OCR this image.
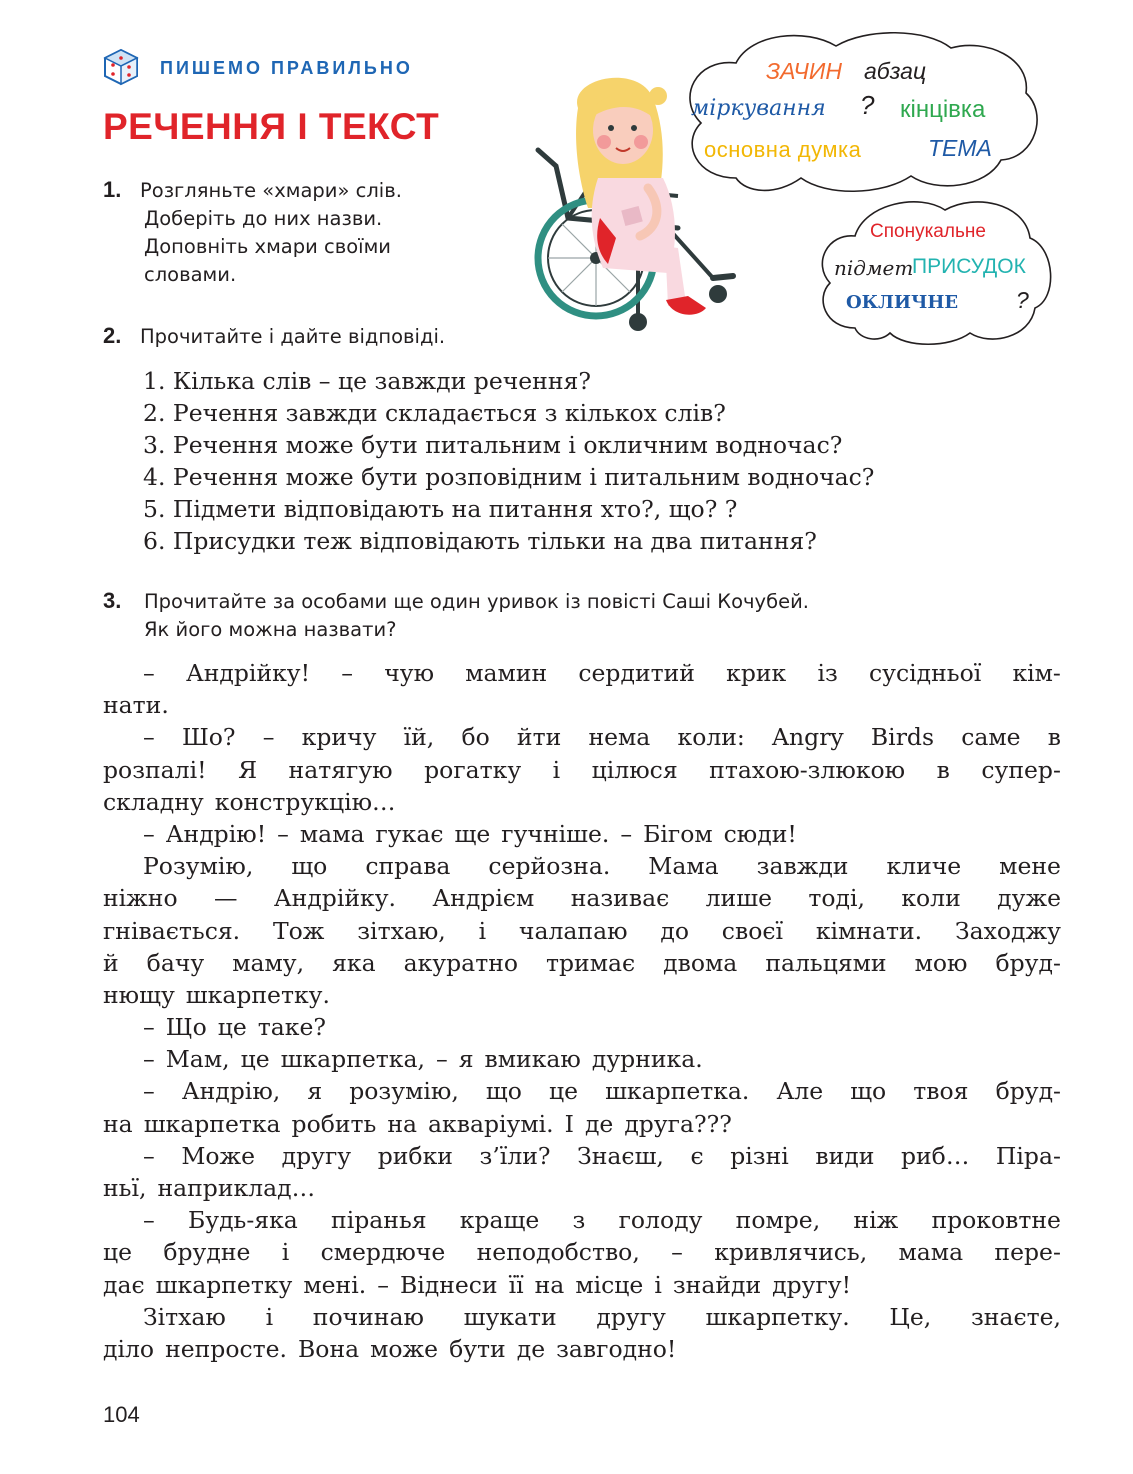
ПИШЕМО ПРАВИЛЬНО
РЕЧЕННЯ І ТЕКСТ
ЗАЧИН абзац
міркування ? кінцівка
основна думка	ТЕМА
Спонукальне
підмет
ПРИСУДОК
ОКЛИЧНЕ	?
1. Розгляньте «хмари» слів.
Доберіть до них назви.
Доповніть хмари своїми
словами.
2. Прочитайте і дайте відповіді.
1. Кілька слів – це завжди речення?
2. Речення завжди складається з кількох слів?
3. Речення може бути питальним і окличним водночас?
4. Речення може бути розповідним і питальним водночас?
5. Підмети відповідають на питання хто?, що? ?
6. Присудки теж відповідають тільки на два питання?
3. Прочитайте за особами ще один уривок із повісті Саші Кочубей.
Як його можна назвати?
– Андрійку! – чую мамин сердитий крик із сусідньої кім-
нати.
– Шо? – кричу їй, бо йти нема коли: Angry Birds саме в
розпалі! Я натягую рогатку і цілюся птахою-злюкою в супер-
складну конструкцію…
– Андрію! – мама гукає ще гучніше. – Бігом сюди!
Розумію, що справа серйозна. Мама завжди кличе мене
ніжно — Андрійку. Андрієм називає лише тоді, коли дуже
гнівається. Тож зітхаю, і чалапаю до своєї кімнати. Заходжу
й бачу маму, яка акуратно тримає двома пальцями мою бруд-
нющу шкарпетку.
– Що це таке?
– Мам, це шкарпетка, – я вмикаю дурника.
– Андрію, я розумію, що це шкарпетка. Але що твоя бруд-
на шкарпетка робить на акваріумі. І де друга???
– Може другу рибки з’їли? Знаєш, є різні види риб… Піра-
ньї, наприклад…
– Будь-яка піранья краще з голоду помре, ніж проковтне
це брудне і смердюче неподобство, – кривлячись, мама пере-
дає шкарпетку мені. – Віднеси її на місце і знайди другу!
Зітхаю і починаю шукати другу шкарпетку. Це, знаєте,
діло непросте. Вона може бути де завгодно!
104
